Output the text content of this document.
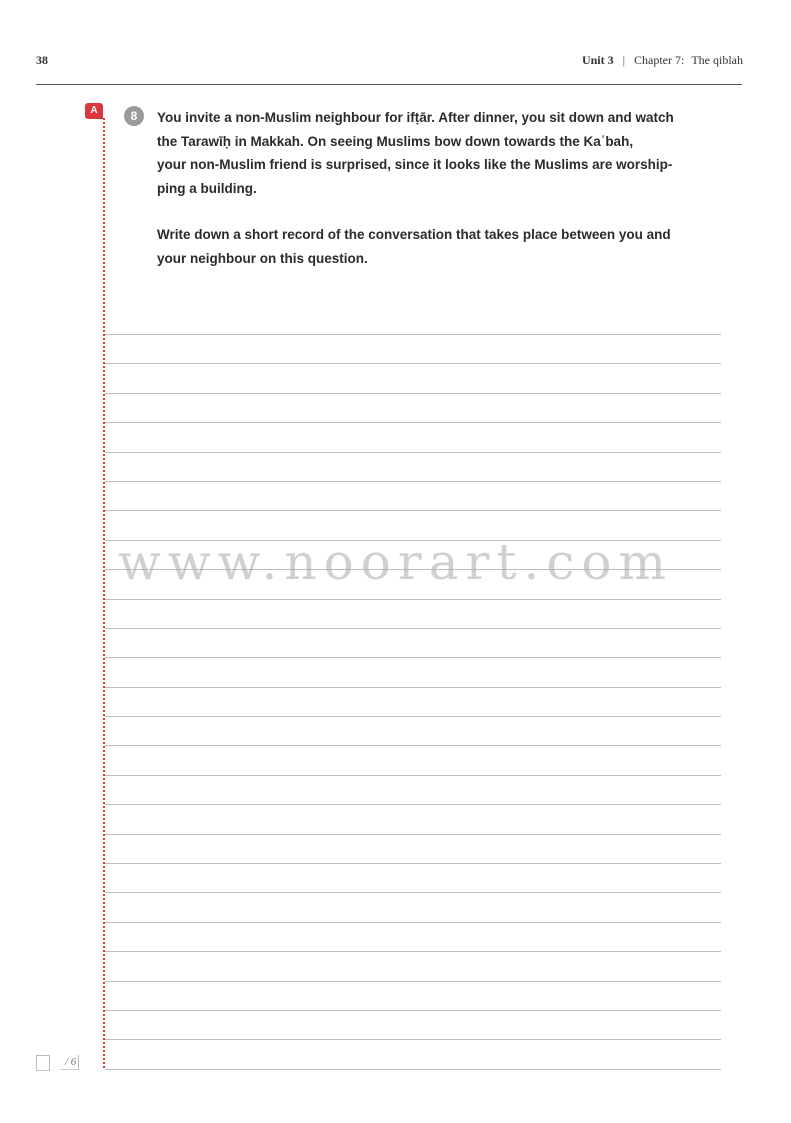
38	Unit 3 | Chapter 7: The qiblah
A	8	You invite a non-Muslim neighbour for ifṭār. After dinner, you sit down and watch
the Tarawīḥ in Makkah. On seeing Muslims bow down towards the Kaʿbah,
your non-Muslim friend is surprised, since it looks like the Muslims are worship-
ping a building.

Write down a short record of the conversation that takes place between you and
your neighbour on this question.

www.noorart.com
/ 6
